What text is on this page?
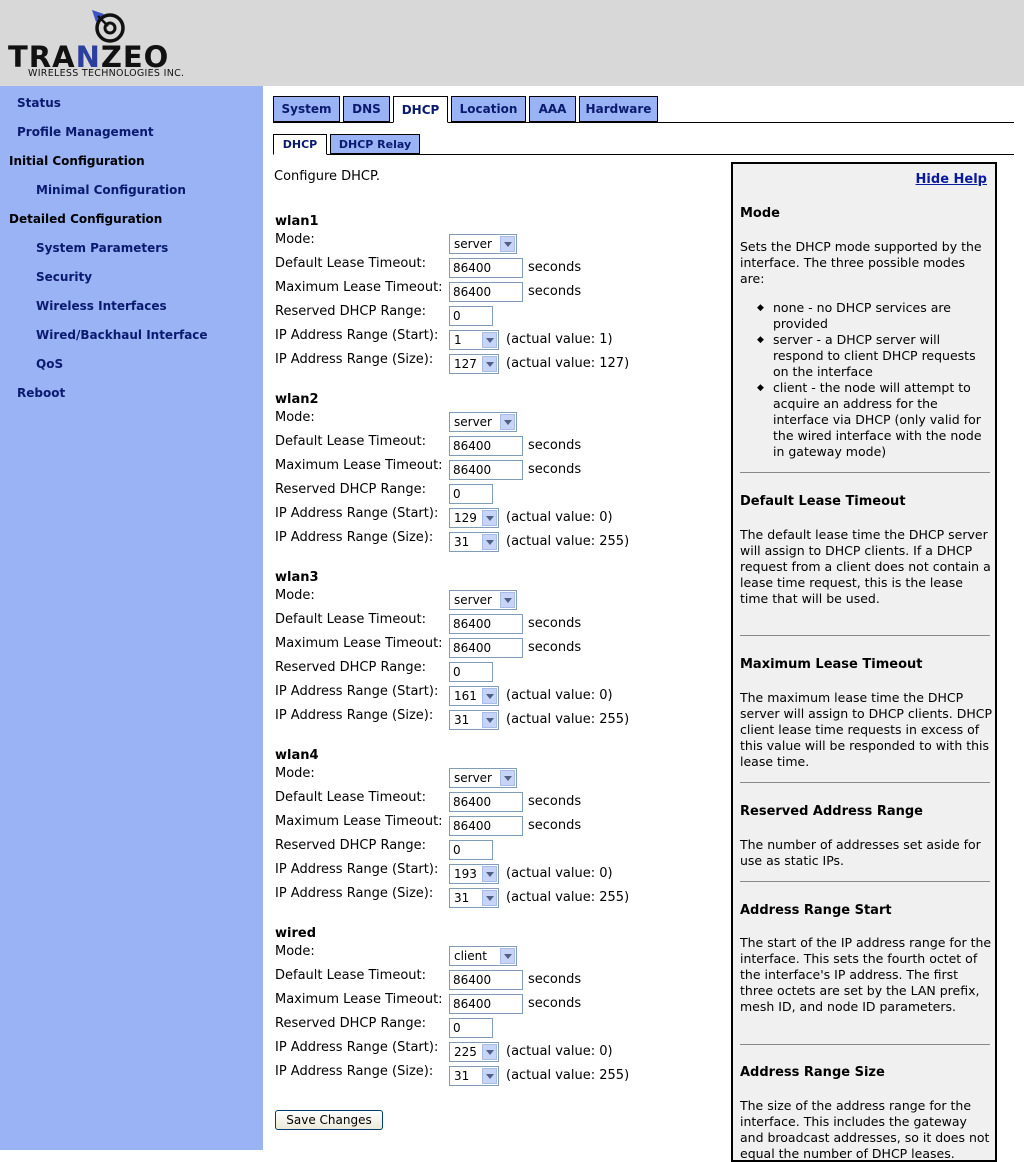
TRANZEO
WIRELESS TECHNOLOGIES INC.
Status
Profile Management
Initial Configuration
Minimal Configuration
Detailed Configuration
System Parameters
Security
Wireless Interfaces
Wired/Backhaul Interface
QoS
Reboot
System	DNS	DHCP	Location	AAA	Hardware
DHCP	DHCP Relay
Configure DHCP.
Save Changes
Hide Help
Mode
Sets the DHCP mode supported by the interface. The three possible modes are:
◆ none - no DHCP services are provided
◆ server - a DHCP server will respond to client DHCP requests on the interface
◆ client - the node will attempt to acquire an address for the interface via DHCP (only valid for the wired interface with the node in gateway mode)
Default Lease Timeout
The default lease time the DHCP server will assign to DHCP clients. If a DHCP request from a client does not contain a lease time request, this is the lease time that will be used.
Maximum Lease Timeout
The maximum lease time the DHCP server will assign to DHCP clients. DHCP client lease time requests in excess of this value will be responded to with this lease time.
Reserved Address Range
The number of addresses set aside for use as static IPs.
Address Range Start
The start of the IP address range for the interface. This sets the fourth octet of the interface's IP address. The first three octets are set by the LAN prefix, mesh ID, and node ID parameters.
Address Range Size
The size of the address range for the interface. This includes the gateway and broadcast addresses, so it does not equal the number of DHCP leases.
wlan1
Mode:	server
Default Lease Timeout:
86400	seconds
Maximum Lease Timeout:
86400	seconds
Reserved DHCP Range:
0
IP Address Range (Start): 1	(actual value: 1)
IP Address Range (Size): 127 (actual value: 127)
wlan2
Mode:	server
Default Lease Timeout:
86400	seconds
Maximum Lease Timeout:
86400	seconds
Reserved DHCP Range:
0
IP Address Range (Start): 129 (actual value: 0)
IP Address Range (Size): 31	(actual value: 255)
wlan3
Mode:	server
Default Lease Timeout:
86400	seconds
Maximum Lease Timeout:
86400	seconds
Reserved DHCP Range:
0
IP Address Range (Start): 161 (actual value: 0)
IP Address Range (Size): 31	(actual value: 255)
wlan4
Mode:	server
Default Lease Timeout:
86400	seconds
Maximum Lease Timeout:
86400	seconds
Reserved DHCP Range:
0
IP Address Range (Start): 193 (actual value: 0)
IP Address Range (Size): 31	(actual value: 255)
wired
Mode:	client
Default Lease Timeout:
86400	seconds
Maximum Lease Timeout:
86400	seconds
Reserved DHCP Range:
0
IP Address Range (Start): 225 (actual value: 0)
IP Address Range (Size): 31	(actual value: 255)
